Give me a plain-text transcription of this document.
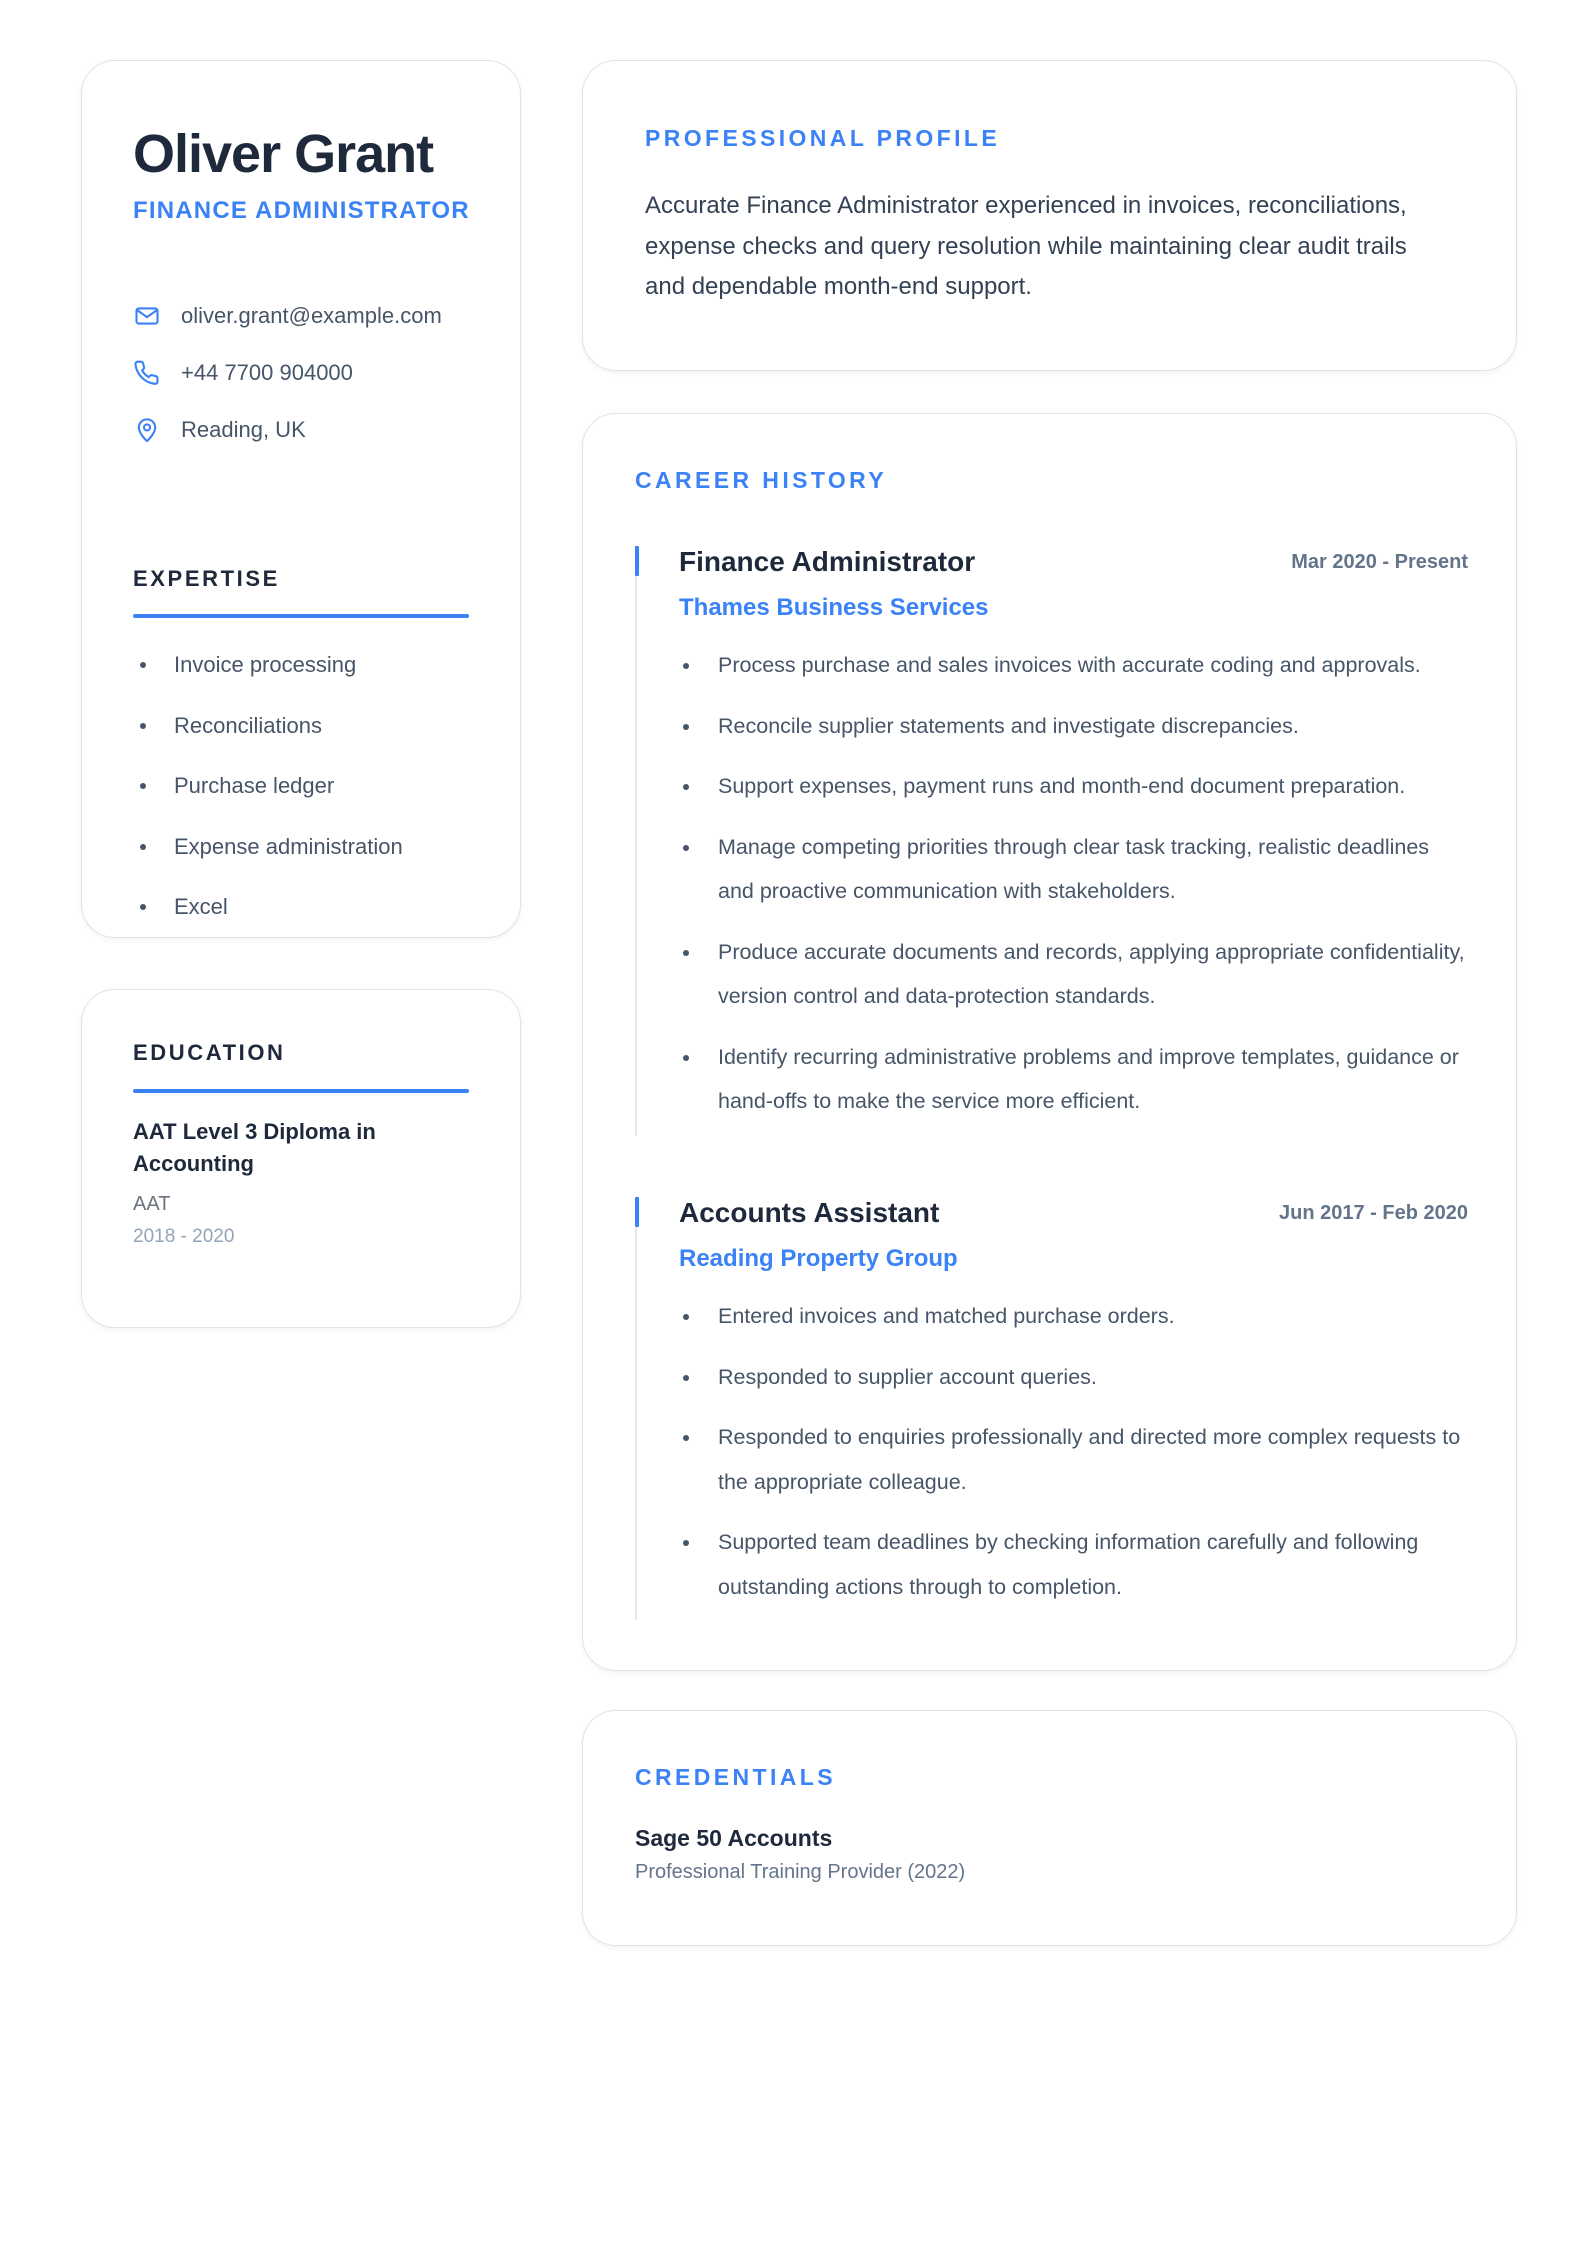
Oliver Grant
FINANCE ADMINISTRATOR
oliver.grant@example.com
+44 7700 904000
Reading, UK
EXPERTISE
Invoice processing
Reconciliations
Purchase ledger
Expense administration
Excel
EDUCATION
AAT Level 3 Diploma in Accounting
AAT
2018 - 2020
PROFESSIONAL PROFILE

Accurate Finance Administrator experienced in invoices, reconciliations, expense checks and query resolution while maintaining clear audit trails and dependable month-end support.

CAREER HISTORY
Finance Administrator	Mar 2020 - Present
Thames Business Services
Process purchase and sales invoices with accurate coding and approvals.
Reconcile supplier statements and investigate discrepancies.
Support expenses, payment runs and month-end document preparation.
Manage competing priorities through clear task tracking, realistic deadlines and proactive communication with stakeholders.
Produce accurate documents and records, applying appropriate confidentiality, version control and data-protection standards.
Identify recurring administrative problems and improve templates, guidance or hand-offs to make the service more efficient.
Accounts Assistant	Jun 2017 - Feb 2020
Reading Property Group
Entered invoices and matched purchase orders.
Responded to supplier account queries.
Responded to enquiries professionally and directed more complex requests to the appropriate colleague.
Supported team deadlines by checking information carefully and following outstanding actions through to completion.
CREDENTIALS
Sage 50 Accounts
Professional Training Provider (2022)
